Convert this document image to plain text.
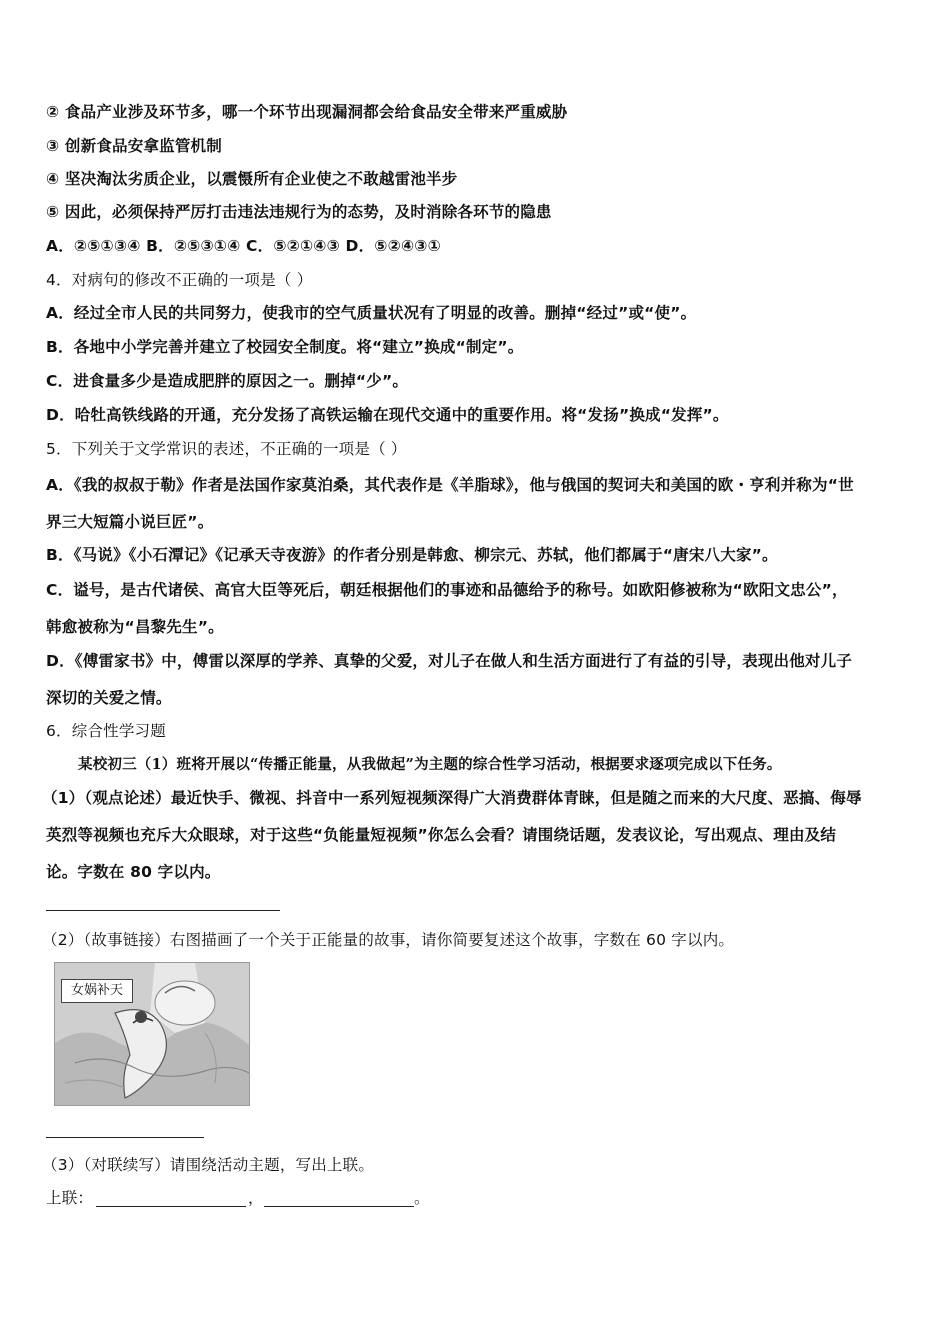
② 食品产业涉及环节多，哪一个环节出现漏洞都会给食品安全带来严重威胁
③ 创新食品安拿监管机制
④ 坚决淘汰劣质企业，以震慑所有企业使之不敢越雷池半步
⑤ 因此，必须保持严厉打击违法违规行为的态势，及时消除各环节的隐患
A．②⑤①③④ B．②⑤③①④ C．⑤②①④③ D．⑤②④③①
4．对病句的修改不正确的一项是（ ）
A．经过全市人民的共同努力，使我市的空气质量状况有了明显的改善。删掉“经过”或“使”。
B．各地中小学完善并建立了校园安全制度。将“建立”换成“制定”。
C．进食量多少是造成肥胖的原因之一。删掉“少”。
D．哈牡高铁线路的开通，充分发扬了高铁运输在现代交通中的重要作用。将“发扬”换成“发挥”。
5．下列关于文学常识的表述，不正确的一项是（ ）
A．《我的叔叔于勒》作者是法国作家莫泊桑，其代表作是《羊脂球》，他与俄国的契诃夫和美国的欧・亨利并称为“世
界三大短篇小说巨匠”。
B．《马说》《小石潭记》《记承天寺夜游》的作者分别是韩愈、柳宗元、苏轼，他们都属于“唐宋八大家”。
C．谥号，是古代诸侯、高官大臣等死后，朝廷根据他们的事迹和品德给予的称号。如欧阳修被称为“欧阳文忠公”，
韩愈被称为“昌黎先生”。
D．《傅雷家书》中，傅雷以深厚的学养、真挚的父爱，对儿子在做人和生活方面进行了有益的引导，表现出他对儿子
深切的关爱之情。
6．综合性学习题
某校初三（1）班将开展以“传播正能量，从我做起”为主题的综合性学习活动，根据要求逐项完成以下任务。
（1）（观点论述）最近快手、微视、抖音中一系列短视频深得广大消费群体青睐，但是随之而来的大尺度、恶搞、侮辱
英烈等视频也充斥大众眼球，对于这些“负能量短视频”你怎么会看？请围绕话题，发表议论，写出观点、理由及结
论。字数在 80 字以内。
（2）（故事链接）右图描画了一个关于正能量的故事，请你简要复述这个故事，字数在 60 字以内。
女娲补天
（3）（对联续写）请围绕活动主题，写出上联。
上联：	，	。
